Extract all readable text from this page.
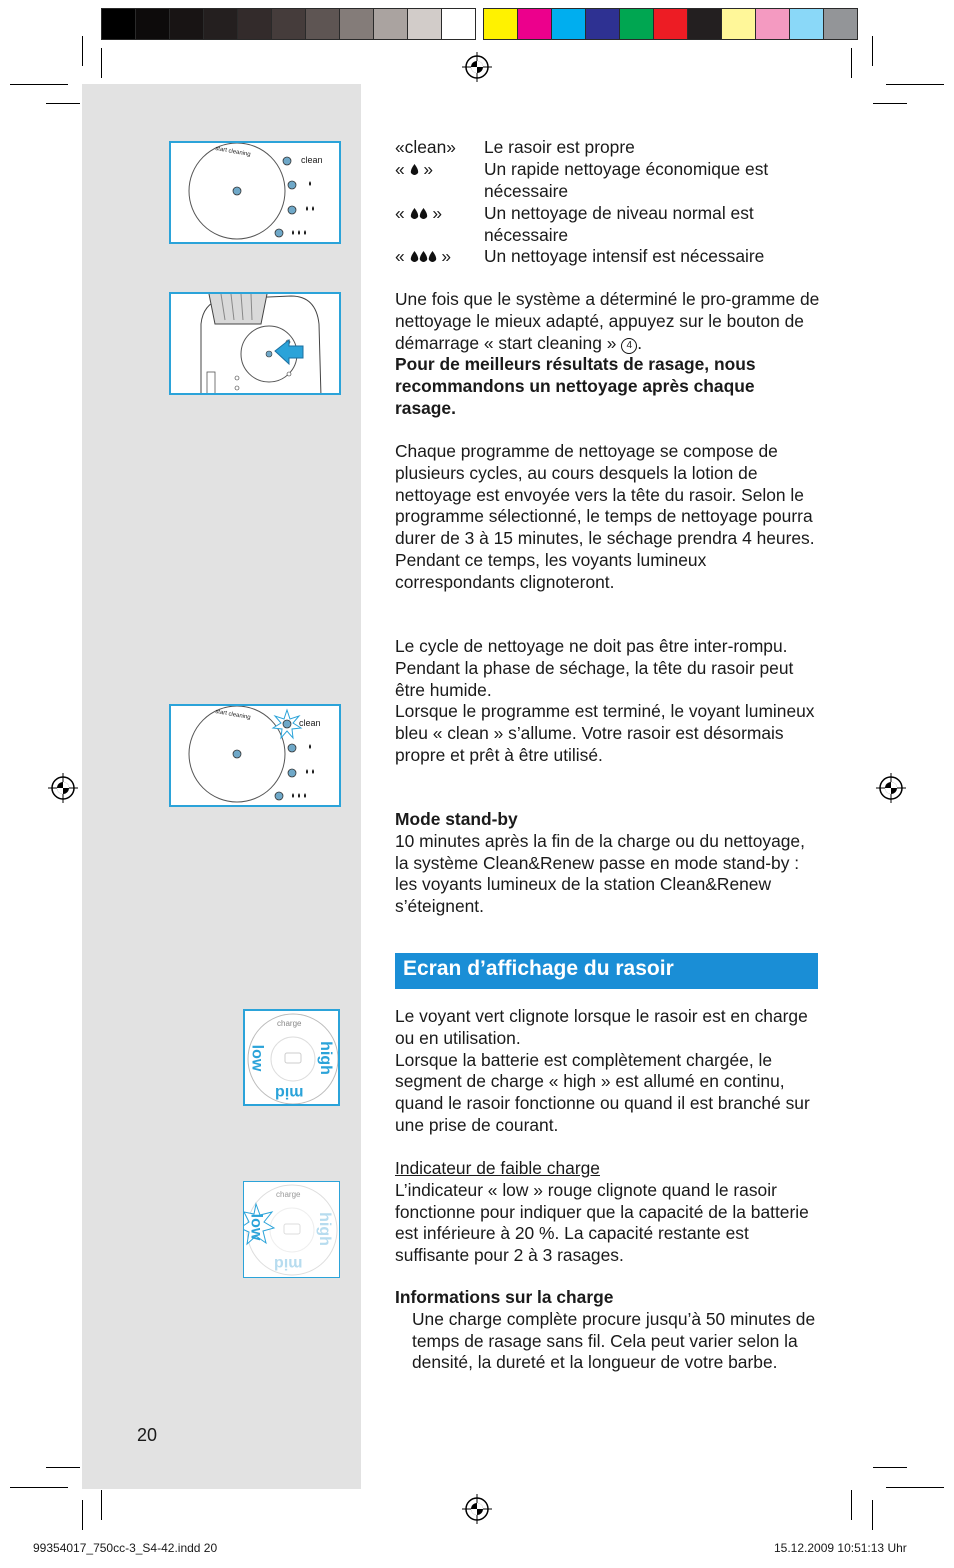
start cleaning
clean
start cleaning
clean
charge
low	high
mid
charge
low	high
mid
«clean» Le rasoir est propre
« »	Un rapide nettoyage économique est
nécessaire
« » Un nettoyage de niveau normal est
nécessaire
« » Un nettoyage intensif est nécessaire

Une fois que le système a déterminé le pro-gramme de nettoyage le mieux adapté, appuyez sur le bouton de démarrage « start cleaning » 4 .

Pour de meilleurs résultats de rasage, nous recommandons un nettoyage après chaque rasage.

Chaque programme de nettoyage se compose de plusieurs cycles, au cours desquels la lotion de nettoyage est envoyée vers la tête du rasoir. Selon le programme sélectionné, le temps de nettoyage pourra durer de 3 à 15 minutes, le séchage prendra 4 heures. Pendant ce temps, les voyants lumineux correspondants clignoteront.

Le cycle de nettoyage ne doit pas être inter-rompu. Pendant la phase de séchage, la tête du rasoir peut être humide.

Lorsque le programme est terminé, le voyant lumineux bleu « clean » s’allume. Votre rasoir est désormais propre et prêt à être utilisé.

Mode stand-by

10 minutes après la fin de la charge ou du nettoyage, la système Clean&Renew passe en mode stand-by : les voyants lumineux de la station Clean&Renew s’éteignent.

Ecran d’affichage du rasoir

Le voyant vert clignote lorsque le rasoir est en charge ou en utilisation.

Lorsque la batterie est complètement chargée, le segment de charge « high » est allumé en continu, quand le rasoir fonctionne ou quand il est branché sur une prise de courant.

Indicateur de faible charge

L’indicateur « low » rouge clignote quand le rasoir fonctionne pour indiquer que la capacité de la batterie est inférieure à 20 %. La capacité restante est suffisante pour 2 à 3 rasages.

Informations sur la charge

Une charge complète procure jusqu’à 50 minutes de temps de rasage sans fil. Cela peut varier selon la densité, la dureté et la longueur de votre barbe.

20
99354017_750cc-3_S4-42.indd 20	15.12.2009 10:51:13 Uhr
